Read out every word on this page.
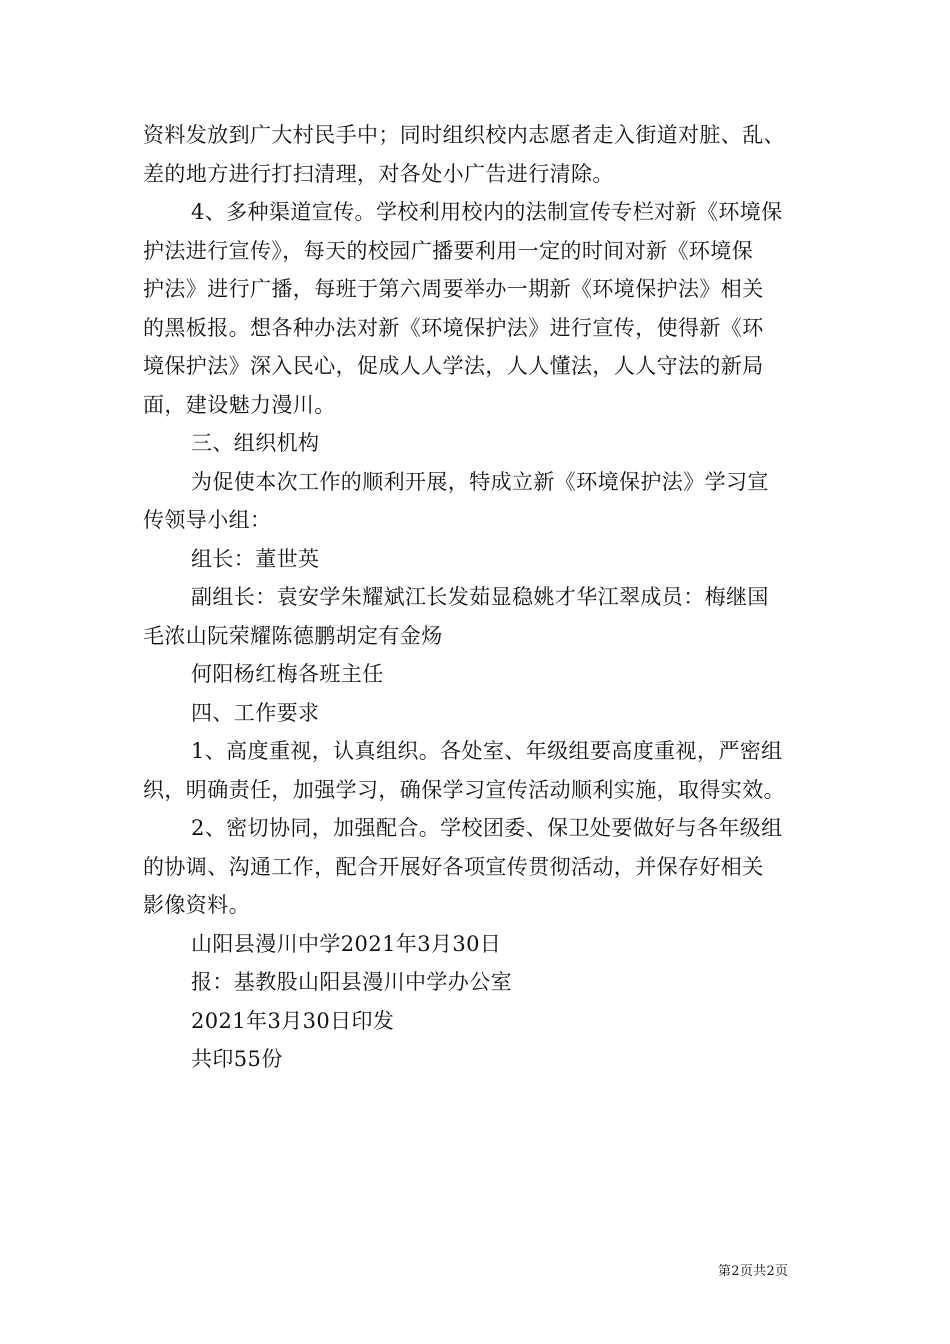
资料发放到广大村民手中；同时组织校内志愿者走入街道对脏、乱、
差的地方进行打扫清理，对各处小广告进行清除。
4、多种渠道宣传。学校利用校内的法制宣传专栏对新《环境保
护法进行宣传》，每天的校园广播要利用一定的时间对新《环境保
护法》进行广播，每班于第六周要举办一期新《环境保护法》相关
的黑板报。想各种办法对新《环境保护法》进行宣传，使得新《环
境保护法》深入民心，促成人人学法，人人懂法，人人守法的新局
面，建设魅力漫川。
三、组织机构
为促使本次工作的顺利开展，特成立新《环境保护法》学习宣
传领导小组：
组长：董世英
副组长：袁安学朱耀斌江长发茹显稳姚才华江翠成员：梅继国
毛浓山阮荣耀陈德鹏胡定有金炀
何阳杨红梅各班主任
四、工作要求
1、高度重视，认真组织。各处室、年级组要高度重视，严密组
织，明确责任，加强学习，确保学习宣传活动顺利实施，取得实效。
2、密切协同，加强配合。学校团委、保卫处要做好与各年级组
的协调、沟通工作，配合开展好各项宣传贯彻活动，并保存好相关
影像资料。
山阳县漫川中学2021年3月30日
报：基教股山阳县漫川中学办公室
2021年3月30日印发
共印55份
第2页共2页
